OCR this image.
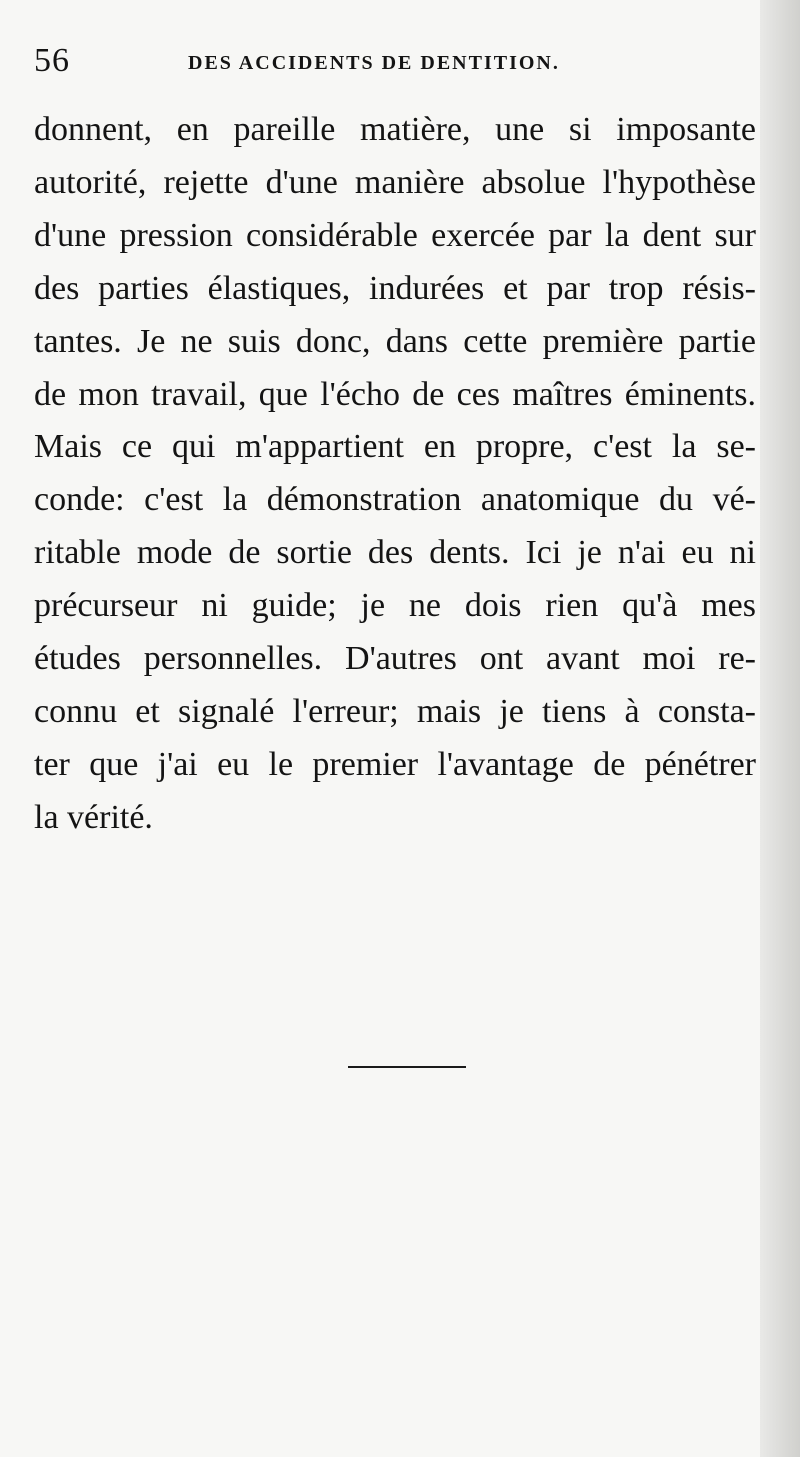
56	DES ACCIDENTS DE DENTITION.
donnent, en pareille matière, une si imposante
autorité, rejette d'une manière absolue l'hypothèse
d'une pression considérable exercée par la dent sur
des parties élastiques, indurées et par trop résis-
tantes. Je ne suis donc, dans cette première partie
de mon travail, que l'écho de ces maîtres éminents.
Mais ce qui m'appartient en propre, c'est la se-
conde: c'est la démonstration anatomique du vé-
ritable mode de sortie des dents. Ici je n'ai eu ni
précurseur ni guide; je ne dois rien qu'à mes
études personnelles. D'autres ont avant moi re-
connu et signalé l'erreur; mais je tiens à consta-
ter que j'ai eu le premier l'avantage de pénétrer
la vérité.
